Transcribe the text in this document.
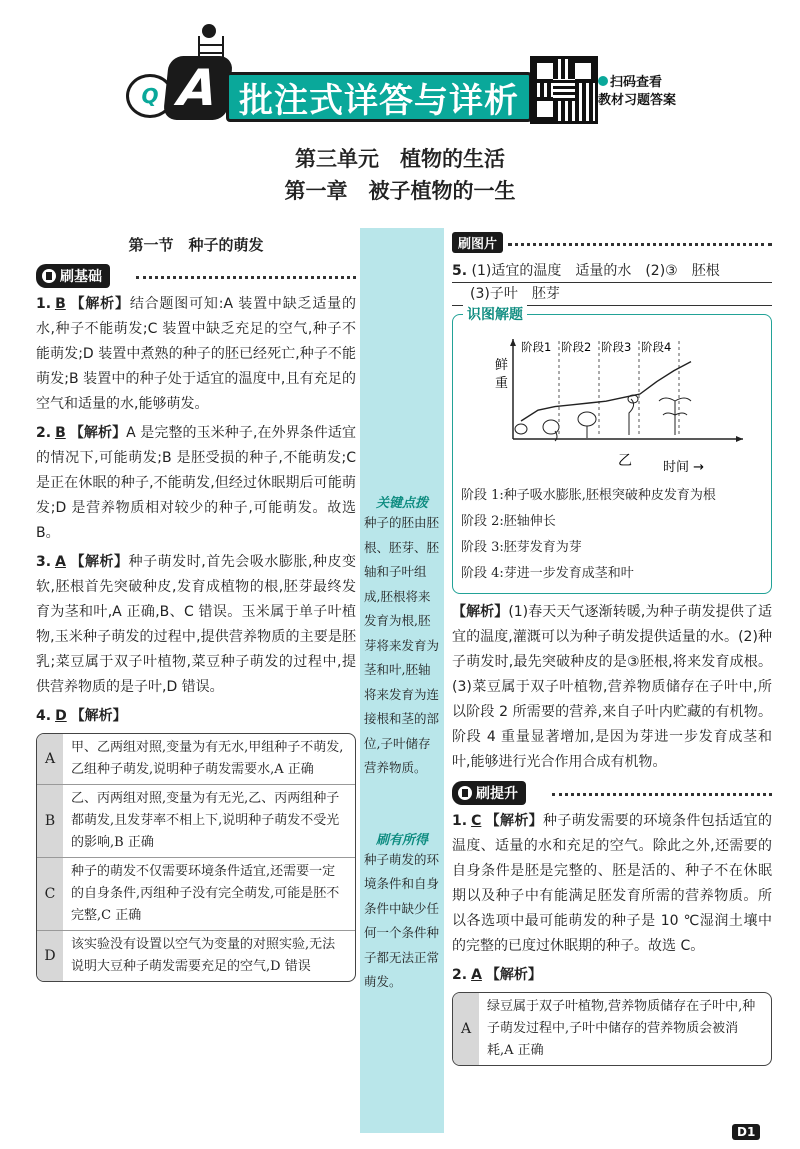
Q A 批注式详答与详析	扫码查看
教材习题答案
第三单元　植物的生活
第一章　被子植物的一生
第一节　种子的萌发
刷基础
1. B 【解析】结合题图可知:A 装置中缺乏适量的水,种子不能萌发;C 装置中缺乏充足的空气,种子不能萌发;D 装置中煮熟的种子的胚已经死亡,种子不能萌发;B 装置中的种子处于适宜的温度中,且有充足的空气和适量的水,能够萌发。
2. B 【解析】A 是完整的玉米种子,在外界条件适宜的情况下,可能萌发;B 是胚受损的种子,不能萌发;C 是正在休眠的种子,不能萌发,但经过休眠期后可能萌发;D 是营养物质相对较少的种子,可能萌发。故选 B。
3. A 【解析】种子萌发时,首先会吸水膨胀,种皮变软,胚根首先突破种皮,发育成植物的根,胚芽最终发育为茎和叶,A 正确,B、C 错误。玉米属于单子叶植物,玉米种子萌发的过程中,提供营养物质的主要是胚乳;菜豆属于双子叶植物,菜豆种子萌发的过程中,提供营养物质的是子叶,D 错误。
4. D 【解析】
A
甲、乙两组对照,变量为有无水,甲组种子不萌发,乙组种子萌发,说明种子萌发需要水,A 正确
B
乙、丙两组对照,变量为有无光,乙、丙两组种子都萌发,且发芽率不相上下,说明种子萌发不受光的影响,B 正确
C
种子的萌发不仅需要环境条件适宜,还需要一定的自身条件,丙组种子没有完全萌发,可能是胚不完整,C 正确
D
该实验没有设置以空气为变量的对照实验,无法说明大豆种子萌发需要充足的空气,D 错误
关键点拨
种子的胚由胚根、胚芽、胚轴和子叶组成,胚根将来发育为根,胚芽将来发育为茎和叶,胚轴将来发育为连接根和茎的部位,子叶储存营养物质。
刷有所得
种子萌发的环境条件和自身条件中缺少任何一个条件种子都无法正常萌发。
刷图片
5. (1)适宜的温度　适量的水　(2)③　胚根
(3)子叶　胚芽
识图解题
鲜
重
时间 →
乙
阶段1 阶段2 阶段3 阶段4
阶段 1:种子吸水膨胀,胚根突破种皮发育为根
阶段 2:胚轴伸长
阶段 3:胚芽发育为芽
阶段 4:芽进一步发育成茎和叶
【解析】(1)春天天气逐渐转暖,为种子萌发提供了适宜的温度,灌溉可以为种子萌发提供适量的水。(2)种子萌发时,最先突破种皮的是③胚根,将来发育成根。(3)菜豆属于双子叶植物,营养物质储存在子叶中,所以阶段 2 所需要的营养,来自子叶内贮藏的有机物。阶段 4 重量显著增加,是因为芽进一步发育成茎和叶,能够进行光合作用合成有机物。
刷提升
1. C 【解析】种子萌发需要的环境条件包括适宜的温度、适量的水和充足的空气。除此之外,还需要的自身条件是胚是完整的、胚是活的、种子不在休眠期以及种子中有能满足胚发育所需的营养物质。所以各选项中最可能萌发的种子是 10 ℃湿润土壤中的完整的已度过休眠期的种子。故选 C。
2. A 【解析】
A
绿豆属于双子叶植物,营养物质储存在子叶中,种子萌发过程中,子叶中储存的营养物质会被消耗,A 正确
D1
